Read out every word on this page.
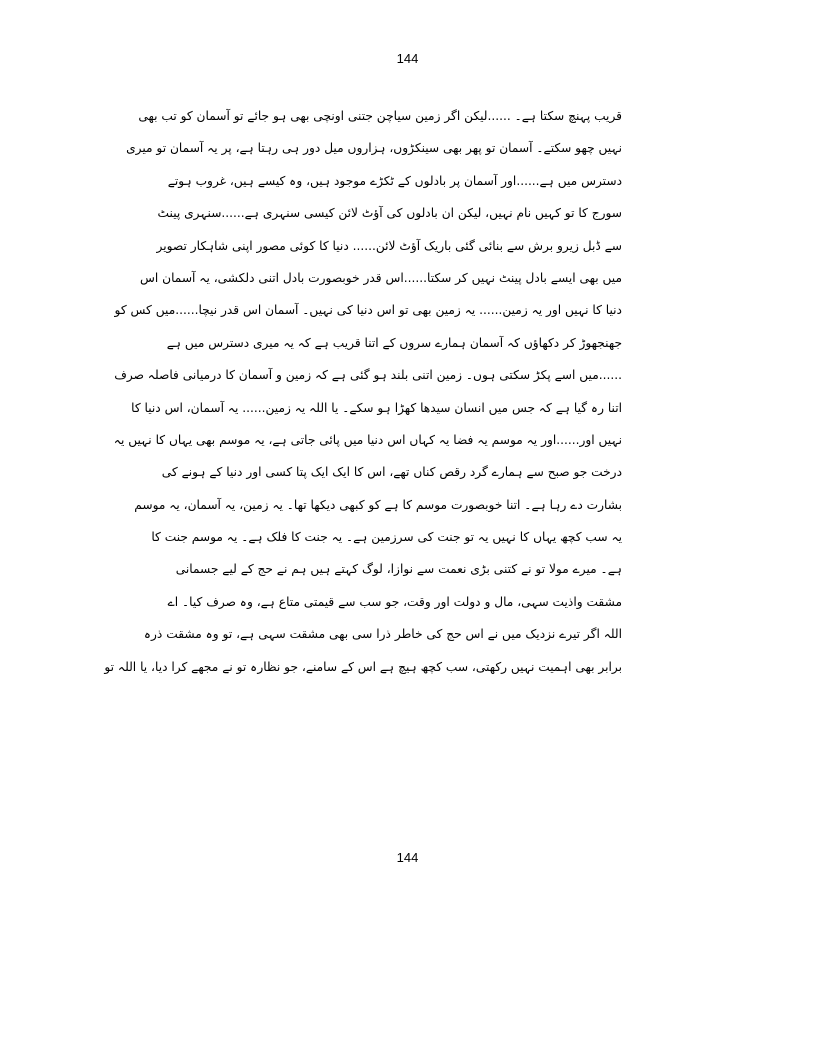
144
قریب پہنچ سکتا ہے۔ ......لیکن اگر زمین سیاچن جتنی اونچی بھی ہو جائے تو آسمان کو تب بھی
نہیں چھو سکتے۔ آسمان تو پھر بھی سینکڑوں، ہزاروں میل دور ہی رہتا ہے، پر یہ آسمان تو میری
دسترس میں ہے......اور آسمان پر بادلوں کے ٹکڑے موجود ہیں، وہ کیسے ہیں، غروب ہوتے
سورج کا تو کہیں نام نہیں، لیکن ان بادلوں کی آؤٹ لائن کیسی سنہری ہے......سنہری پینٹ
سے ڈبل زیرو برش سے بنائی گئی باریک آؤٹ لائن...... دنیا کا کوئی مصور اپنی شاہکار تصویر
میں بھی ایسے بادل پینٹ نہیں کر سکتا......اس قدر خوبصورت بادل اتنی دلکشی، یہ آسمان اس
دنیا کا نہیں اور یہ زمین...... یہ زمین بھی تو اس دنیا کی نہیں۔ آسمان اس قدر نیچا......میں کس کو
جھنجھوڑ کر دکھاؤں کہ آسمان ہمارے سروں کے اتنا قریب ہے کہ یہ میری دسترس میں ہے
......میں اسے پکڑ سکتی ہوں۔ زمین اتنی بلند ہو گئی ہے کہ زمین و آسمان کا درمیانی فاصلہ صرف
اتنا رہ گیا ہے کہ جس میں انسان سیدھا کھڑا ہو سکے۔ یا اللہ یہ زمین...... یہ آسمان، اس دنیا کا
نہیں اور......اور یہ موسم یہ فضا یہ کہاں اس دنیا میں پائی جاتی ہے، یہ موسم بھی یہاں کا نہیں یہ
درخت جو صبح سے ہمارے گرد رقص کناں تھے، اس کا ایک ایک پتا کسی اور دنیا کے ہونے کی
بشارت دے رہا ہے۔ اتنا خوبصورت موسم کا ہے کو کبھی دیکھا تھا۔ یہ زمین، یہ آسمان، یہ موسم
یہ سب کچھ یہاں کا نہیں یہ تو جنت کی سرزمین ہے۔ یہ جنت کا فلک ہے۔ یہ موسم جنت کا
ہے۔ میرے مولا تو نے کتنی بڑی نعمت سے نوازا، لوگ کہتے ہیں ہم نے حج کے لیے جسمانی
مشقت واذیت سہی، مال و دولت اور وقت، جو سب سے قیمتی متاع ہے، وہ صرف کیا۔ اے
اللہ اگر تیرے نزدیک میں نے اس حج کی خاطر ذرا سی بھی مشقت سہی ہے، تو وہ مشقت ذرہ
برابر بھی اہمیت نہیں رکھتی، سب کچھ ہیچ ہے اس کے سامنے، جو نظارہ تو نے مجھے کرا دیا، یا اللہ تو
144
